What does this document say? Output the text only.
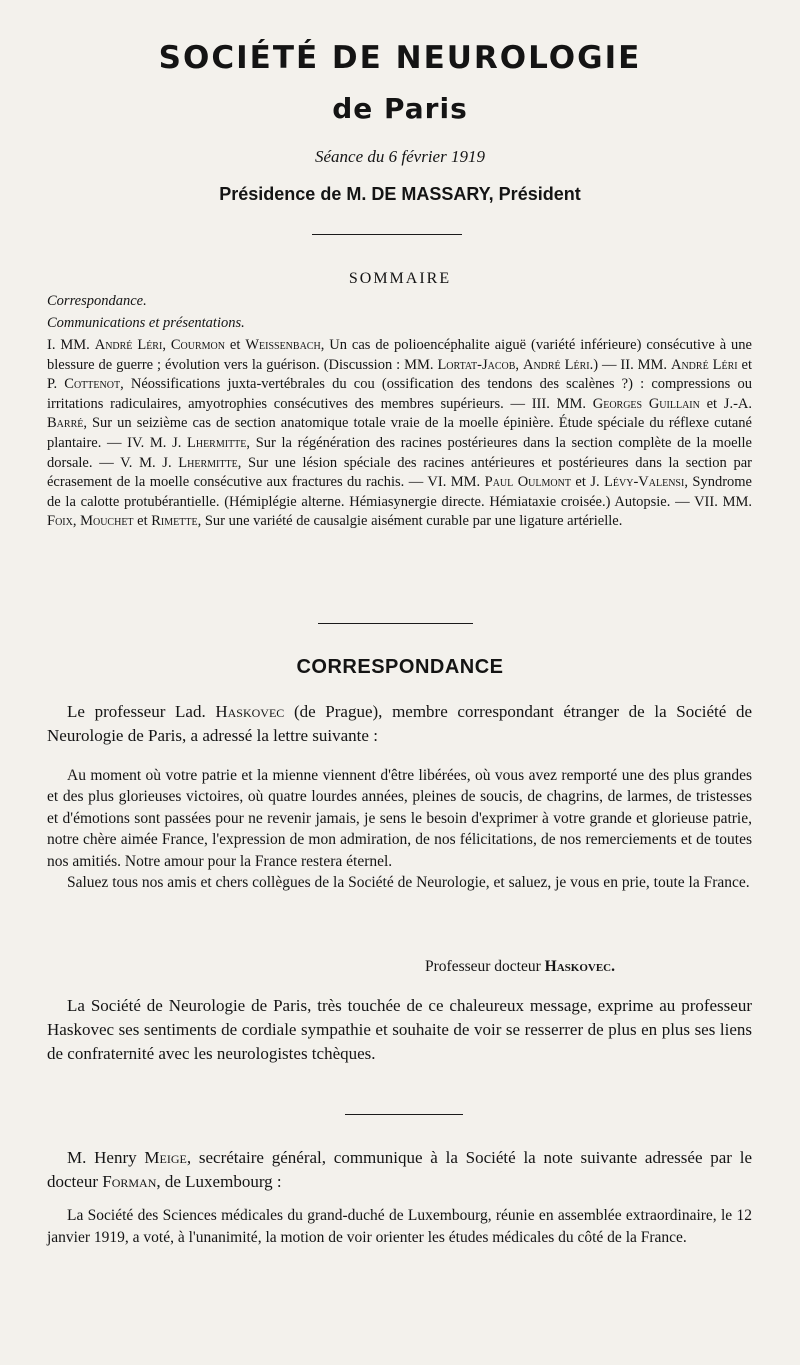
SOCIÉTÉ DE NEUROLOGIE
de Paris
Séance du 6 février 1919
Présidence de M. DE MASSARY, Président
SOMMAIRE
Correspondance.
Communications et présentations.
I. MM. André Léri, Courmon et Weissenbach, Un cas de polioencéphalite aiguë (variété inférieure) consécutive à une blessure de guerre ; évolution vers la guérison. (Discussion : MM. Lortat-Jacob, André Léri.) — II. MM. André Léri et P. Cottenot, Néossifications juxta-vertébrales du cou (ossification des tendons des scalènes ?) : compressions ou irritations radiculaires, amyotrophies consécutives des membres supérieurs. — III. MM. Georges Guillain et J.-A. Barré, Sur un seizième cas de section anatomique totale vraie de la moelle épinière. Étude spéciale du réflexe cutané plantaire. — IV. M. J. Lhermitte, Sur la régénération des racines postérieures dans la section complète de la moelle dorsale. — V. M. J. Lhermitte, Sur une lésion spéciale des racines antérieures et postérieures dans la section par écrasement de la moelle consécutive aux fractures du rachis. — VI. MM. Paul Oulmont et J. Lévy-Valensi, Syndrome de la calotte protubérantielle. (Hémiplégie alterne. Hémiasynergie directe. Hémiataxie croisée.) Autopsie. — VII. MM. Foix, Mouchet et Rimette, Sur une variété de causalgie aisément curable par une ligature artérielle.
CORRESPONDANCE

Le professeur Lad. Haskovec (de Prague), membre correspondant étranger de la Société de Neurologie de Paris, a adressé la lettre suivante :

Au moment où votre patrie et la mienne viennent d'être libérées, où vous avez remporté une des plus grandes et des plus glorieuses victoires, où quatre lourdes années, pleines de soucis, de chagrins, de larmes, de tristesses et d'émotions sont passées pour ne revenir jamais, je sens le besoin d'exprimer à votre grande et glorieuse patrie, notre chère aimée France, l'expression de mon admiration, de nos félicitations, de nos remerciements et de toutes nos amitiés. Notre amour pour la France restera éternel.

Saluez tous nos amis et chers collègues de la Société de Neurologie, et saluez, je vous en prie, toute la France.

Professeur docteur Haskovec.

La Société de Neurologie de Paris, très touchée de ce chaleureux message, exprime au professeur Haskovec ses sentiments de cordiale sympathie et souhaite de voir se resserrer de plus en plus ses liens de confraternité avec les neurologistes tchèques.

M. Henry Meige, secrétaire général, communique à la Société la note suivante adressée par le docteur Forman, de Luxembourg :

La Société des Sciences médicales du grand-duché de Luxembourg, réunie en assemblée extraordinaire, le 12 janvier 1919, a voté, à l'unanimité, la motion de voir orienter les études médicales du côté de la France.
